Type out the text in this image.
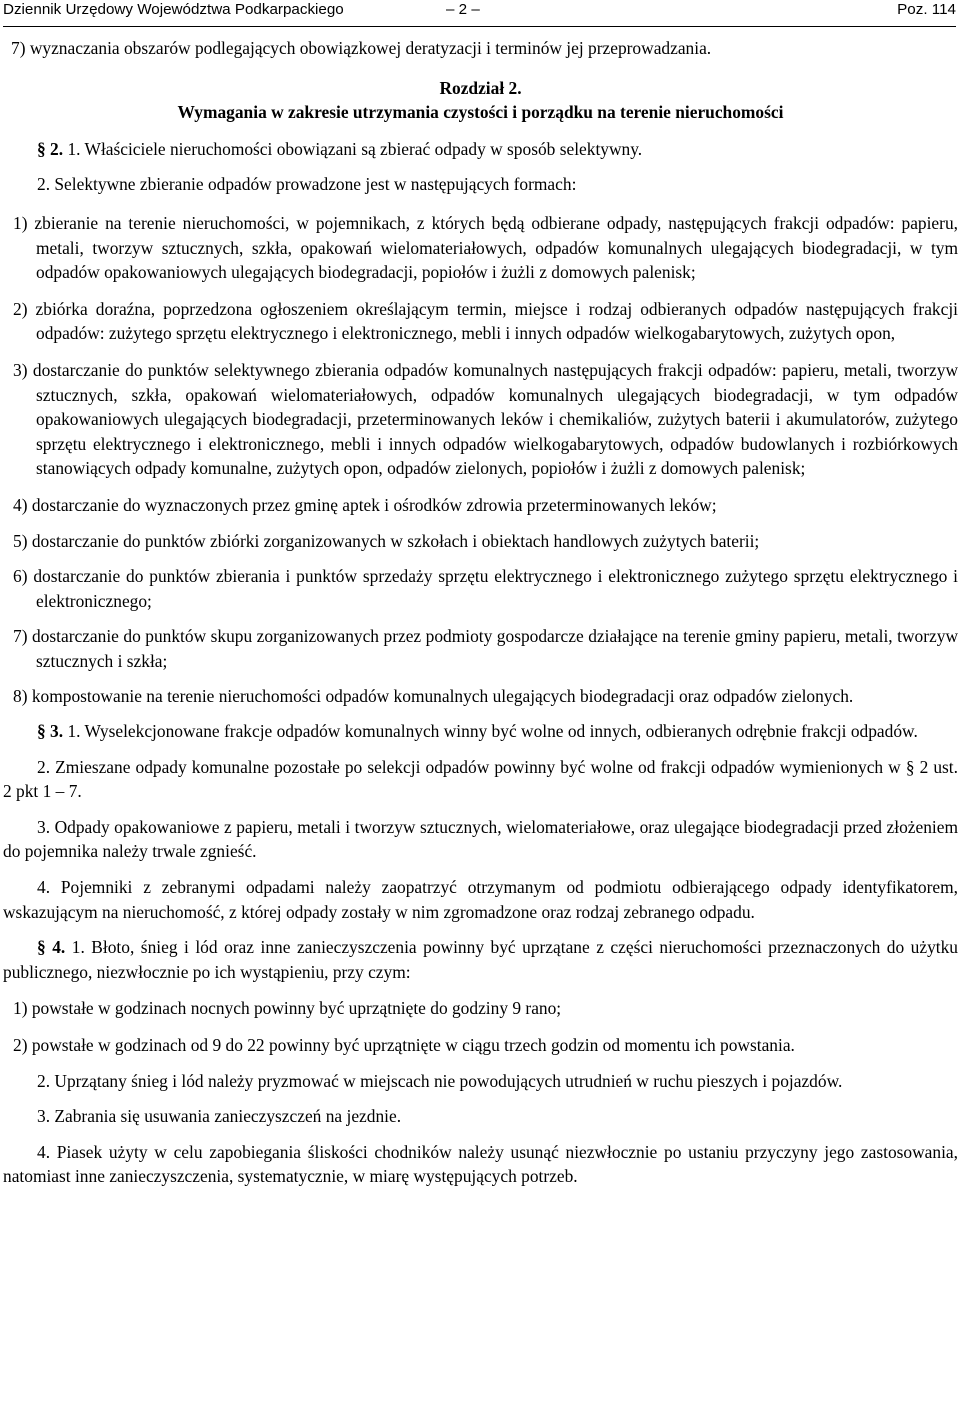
Dziennik Urzędowy Województwa Podkarpackiego	– 2 –	Poz. 114

7) wyznaczania obszarów podlegających obowiązkowej deratyzacji i terminów jej przeprowadzania.

Rozdział 2.

Wymagania w zakresie utrzymania czystości i porządku na terenie nieruchomości

§ 2. 1. Właściciele nieruchomości obowiązani są zbierać odpady w sposób selektywny.

2. Selektywne zbieranie odpadów prowadzone jest w następujących formach:

1) zbieranie na terenie nieruchomości, w pojemnikach, z których będą odbierane odpady, następujących frakcji odpadów: papieru, metali, tworzyw sztucznych, szkła, opakowań wielomateriałowych, odpadów komunalnych ulegających biodegradacji, w tym odpadów opakowaniowych ulegających biodegradacji, popiołów i żużli z domowych palenisk;

2) zbiórka doraźna, poprzedzona ogłoszeniem określającym termin, miejsce i rodzaj odbieranych odpadów następujących frakcji odpadów: zużytego sprzętu elektrycznego i elektronicznego, mebli i innych odpadów wielkogabarytowych, zużytych opon,

3) dostarczanie do punktów selektywnego zbierania odpadów komunalnych następujących frakcji odpadów: papieru, metali, tworzyw sztucznych, szkła, opakowań wielomateriałowych, odpadów komunalnych ulegających biodegradacji, w tym odpadów opakowaniowych ulegających biodegradacji, przeterminowanych leków i chemikaliów, zużytych baterii i akumulatorów, zużytego sprzętu elektrycznego i elektronicznego, mebli i innych odpadów wielkogabarytowych, odpadów budowlanych i rozbiórkowych stanowiących odpady komunalne, zużytych opon, odpadów zielonych, popiołów i żużli z domowych palenisk;

4) dostarczanie do wyznaczonych przez gminę aptek i ośrodków zdrowia przeterminowanych leków;

5) dostarczanie do punktów zbiórki zorganizowanych w szkołach i obiektach handlowych zużytych baterii;

6) dostarczanie do punktów zbierania i punktów sprzedaży sprzętu elektrycznego i elektronicznego zużytego sprzętu elektrycznego i elektronicznego;

7) dostarczanie do punktów skupu zorganizowanych przez podmioty gospodarcze działające na terenie gminy papieru, metali, tworzyw sztucznych i szkła;

8) kompostowanie na terenie nieruchomości odpadów komunalnych ulegających biodegradacji oraz odpadów zielonych.

§ 3. 1. Wyselekcjonowane frakcje odpadów komunalnych winny być wolne od innych, odbieranych odrębnie frakcji odpadów.

2. Zmieszane odpady komunalne pozostałe po selekcji odpadów powinny być wolne od frakcji odpadów wymienionych w § 2 ust. 2 pkt 1 – 7.

3. Odpady opakowaniowe z papieru, metali i tworzyw sztucznych, wielomateriałowe, oraz ulegające biodegradacji przed złożeniem do pojemnika należy trwale zgnieść.

4. Pojemniki z zebranymi odpadami należy zaopatrzyć otrzymanym od podmiotu odbierającego odpady identyfikatorem, wskazującym na nieruchomość, z której odpady zostały w nim zgromadzone oraz rodzaj zebranego odpadu.

§ 4. 1. Błoto, śnieg i lód oraz inne zanieczyszczenia powinny być uprzątane z części nieruchomości przeznaczonych do użytku publicznego, niezwłocznie po ich wystąpieniu, przy czym:

1) powstałe w godzinach nocnych powinny być uprzątnięte do godziny 9 rano;

2) powstałe w godzinach od 9 do 22 powinny być uprzątnięte w ciągu trzech godzin od momentu ich powstania.

2. Uprzątany śnieg i lód należy pryzmować w miejscach nie powodujących utrudnień w ruchu pieszych i pojazdów.

3. Zabrania się usuwania zanieczyszczeń na jezdnie.

4. Piasek użyty w celu zapobiegania śliskości chodników należy usunąć niezwłocznie po ustaniu przyczyny jego zastosowania, natomiast inne zanieczyszczenia, systematycznie, w miarę występujących potrzeb.
